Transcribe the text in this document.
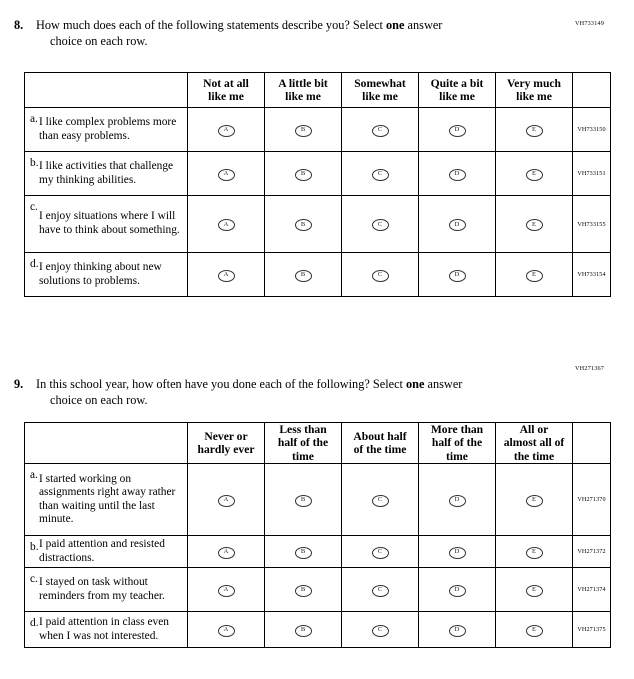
VH733149
8. How much does each of the following statements describe you? Select one answer
choice on each row.

Not at all
like me

A little bit
like me

Somewhat
like me

Quite a bit
like me

Very much
like me

a. I like complex problems more than easy problems.	A	B	C	D	E	VH733150

b. I like activities that challenge my thinking abilities.	A	B	C	D	E	VH733151

c.
I enjoy situations where I will have to think about something.	A	B	C	D	E	VH733155

d. I enjoy thinking about new solutions to problems.	A	B	C	D	E	VH733154
VH271367
9. In this school year, how often have you done each of the following? Select one answer
choice on each row.

Never or
hardly ever

Less than
half of the
time

About half
of the time

More than
half of the
time

All or
almost all of
the time

a. I started working on assignments right away rather than waiting until the last minute.	A	B	C	D	E	VH271370

b. I paid attention and resisted distractions.	A	B	C	D	E	VH271372

c. I stayed on task without reminders from my teacher.	A	B	C	D	E	VH271374

d. I paid attention in class even when I was not interested.	A	B	C	D	E	VH271375
